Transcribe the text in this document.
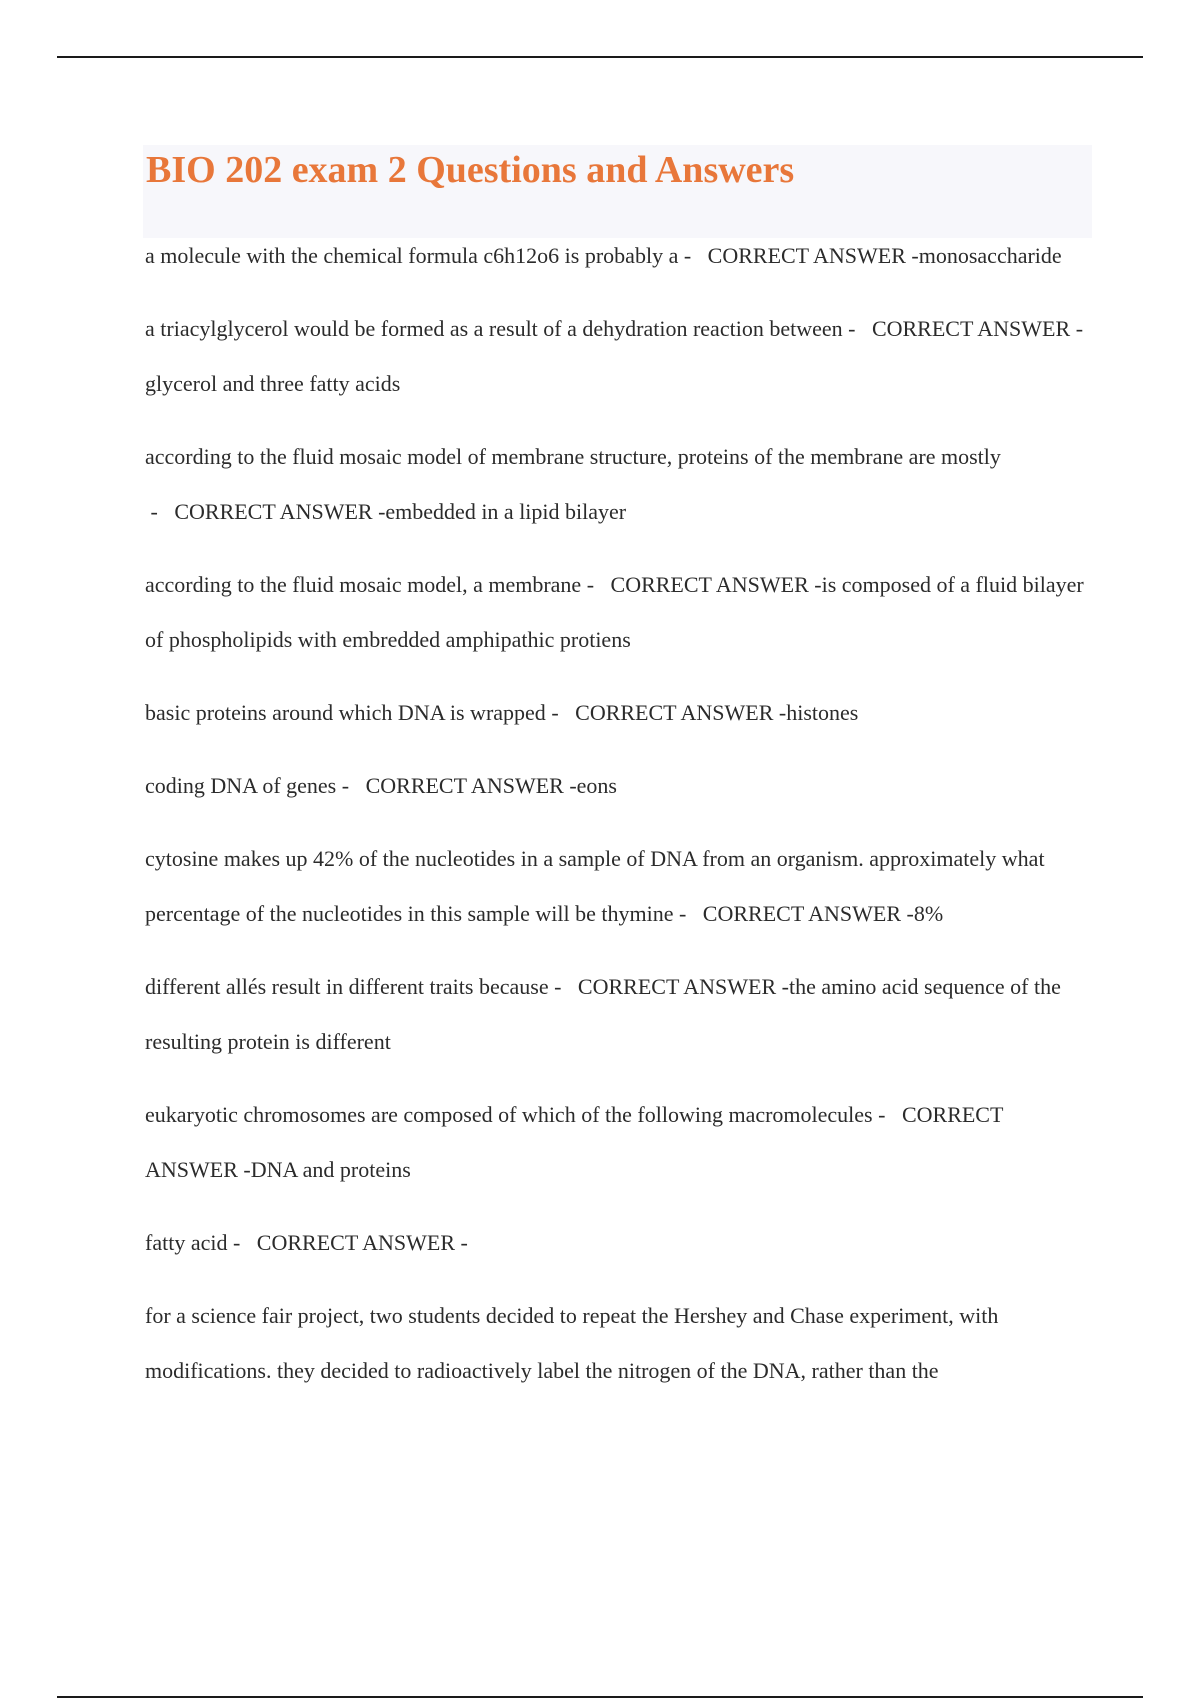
BIO 202 exam 2 Questions and Answers

a molecule with the chemical formula c6h12o6 is probably a -   CORRECT ANSWER -monosaccharide

a triacylglycerol would be formed as a result of a dehydration reaction between -   CORRECT ANSWER -glycerol and three fatty acids

according to the fluid mosaic model of membrane structure, proteins of the membrane are mostly -   CORRECT ANSWER -embedded in a lipid bilayer

according to the fluid mosaic model, a membrane -   CORRECT ANSWER -is composed of a fluid bilayer of phospholipids with embredded amphipathic protiens

basic proteins around which DNA is wrapped -   CORRECT ANSWER -histones

coding DNA of genes -   CORRECT ANSWER -eons

cytosine makes up 42% of the nucleotides in a sample of DNA from an organism. approximately what percentage of the nucleotides in this sample will be thymine -   CORRECT ANSWER -8%

different allés result in different traits because -   CORRECT ANSWER -the amino acid sequence of the resulting protein is different

eukaryotic chromosomes are composed of which of the following macromolecules -   CORRECT ANSWER -DNA and proteins

fatty acid -   CORRECT ANSWER -

for a science fair project, two students decided to repeat the Hershey and Chase experiment, with modifications. they decided to radioactively label the nitrogen of the DNA, rather than the
